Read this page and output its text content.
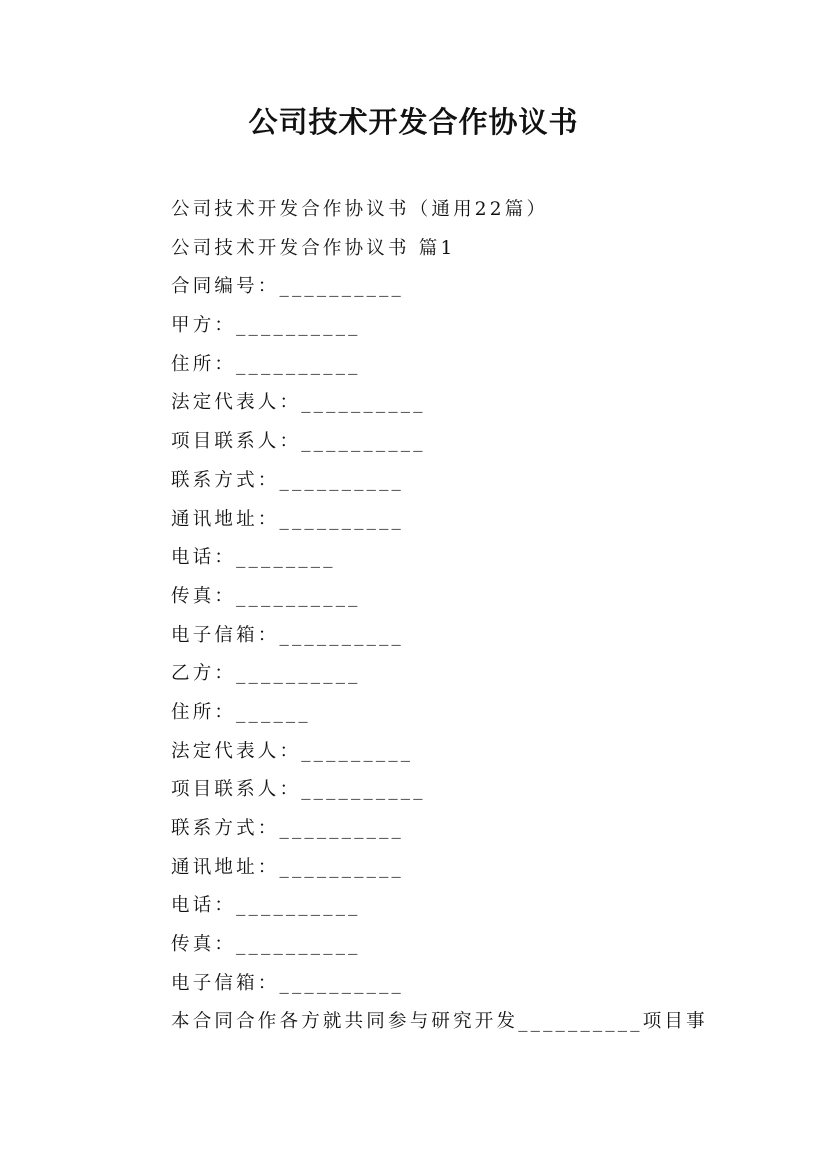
公司技术开发合作协议书
公司技术开发合作协议书（通用22篇）
公司技术开发合作协议书 篇1
合同编号：__________
甲方：__________
住所：__________
法定代表人：__________
项目联系人：__________
联系方式：__________
通讯地址：__________
电话：________
传真：__________
电子信箱：__________
乙方：__________
住所：______
法定代表人：_________
项目联系人：__________
联系方式：__________
通讯地址：__________
电话：__________
传真：__________
电子信箱：__________
本合同合作各方就共同参与研究开发__________项目事
